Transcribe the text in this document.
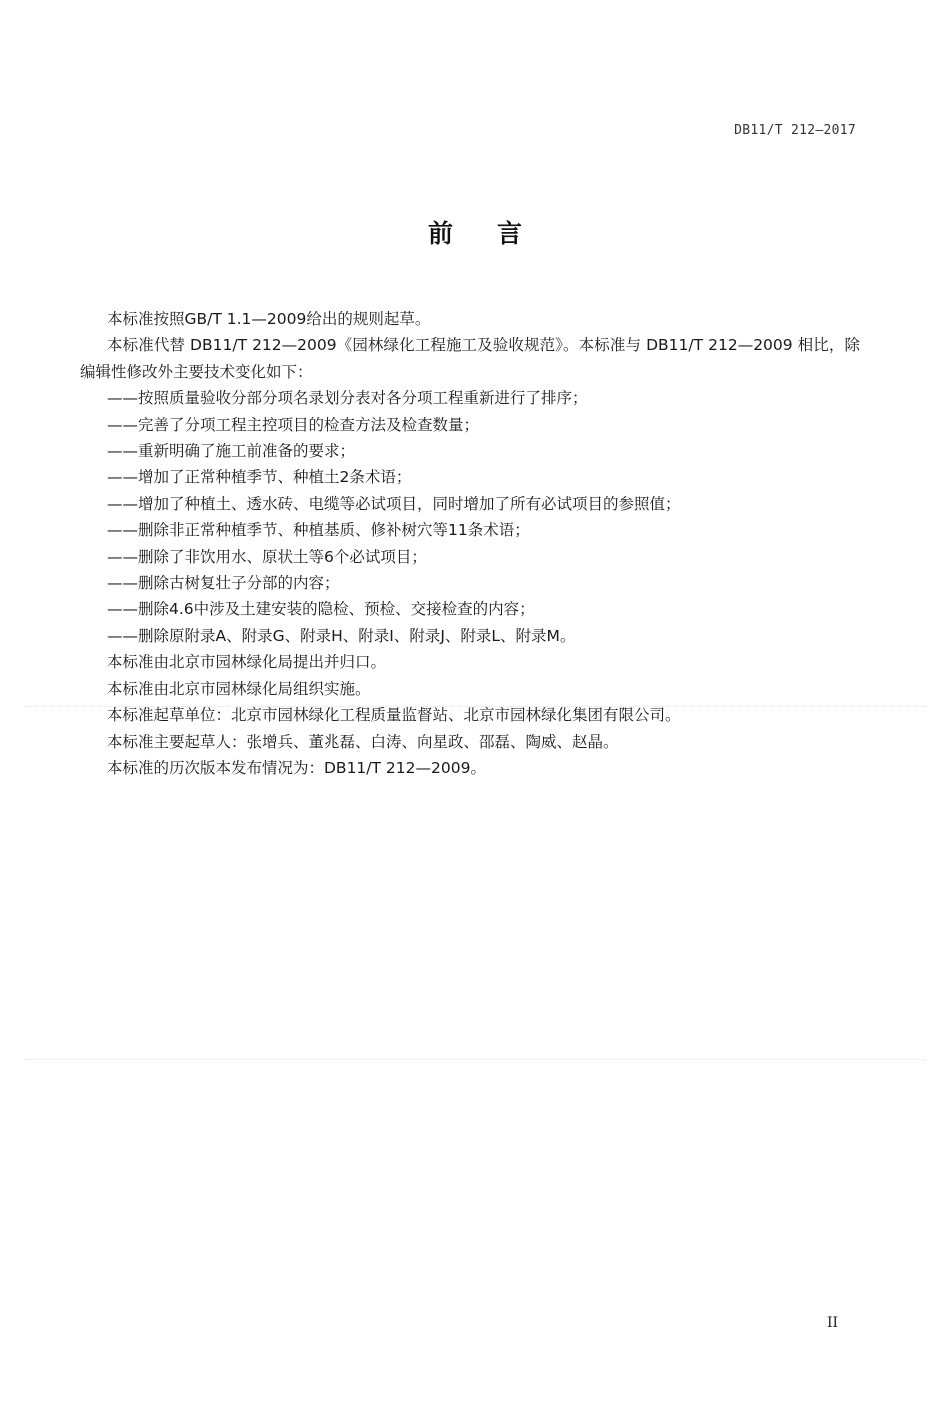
DB11/T 212—2017
前言
本标准按照GB/T 1.1—2009给出的规则起草。
本标准代替 DB11/T 212—2009《园林绿化工程施工及验收规范》。本标准与 DB11/T 212—2009 相比，除编辑性修改外主要技术变化如下：
——按照质量验收分部分项名录划分表对各分项工程重新进行了排序；
——完善了分项工程主控项目的检查方法及检查数量；
——重新明确了施工前准备的要求；
——增加了正常种植季节、种植土2条术语；
——增加了种植土、透水砖、电缆等必试项目，同时增加了所有必试项目的参照值；
——删除非正常种植季节、种植基质、修补树穴等11条术语；
——删除了非饮用水、原状土等6个必试项目；
——删除古树复壮子分部的内容；
——删除4.6中涉及土建安装的隐检、预检、交接检查的内容；
——删除原附录A、附录G、附录H、附录I、附录J、附录L、附录M。
本标准由北京市园林绿化局提出并归口。
本标准由北京市园林绿化局组织实施。
本标准起草单位：北京市园林绿化工程质量监督站、北京市园林绿化集团有限公司。
本标准主要起草人：张增兵、董兆磊、白涛、向星政、邵磊、陶威、赵晶。
本标准的历次版本发布情况为：DB11/T 212—2009。
II
